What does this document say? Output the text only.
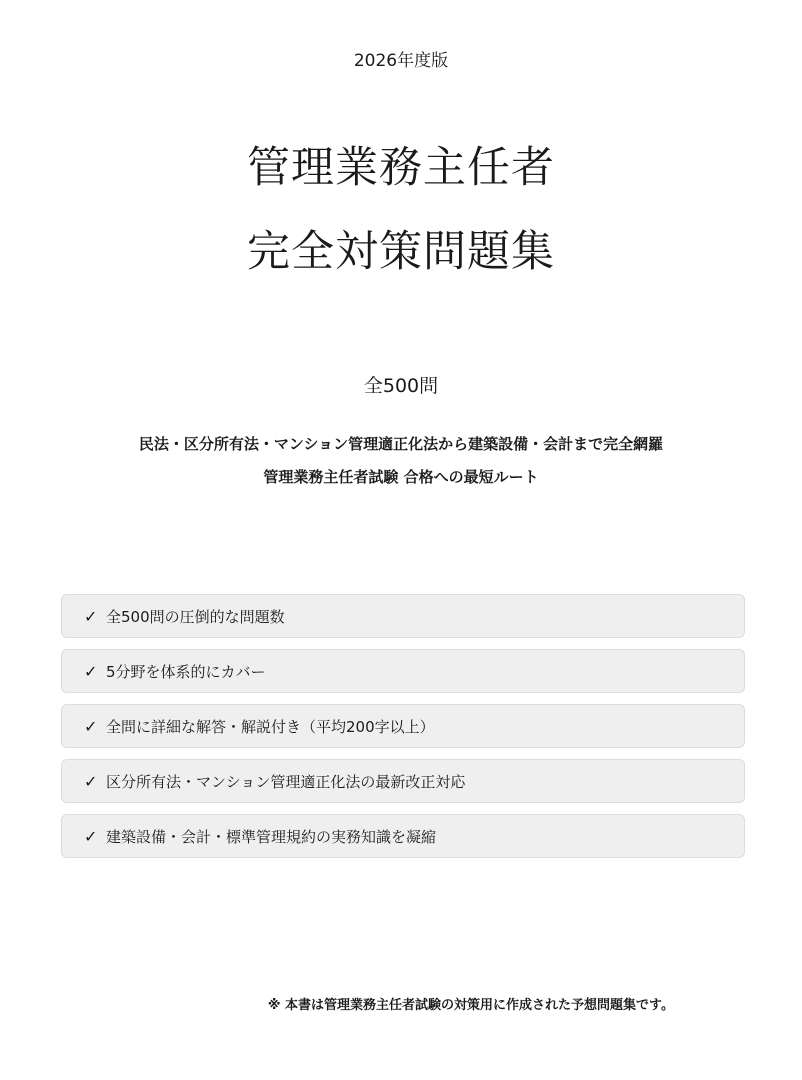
2026年度版
管理業務主任者
完全対策問題集
全500問
民法・区分所有法・マンション管理適正化法から建築設備・会計まで完全網羅
管理業務主任者試験 合格への最短ルート
✓ 全500問の圧倒的な問題数
✓ 5分野を体系的にカバー
✓ 全問に詳細な解答・解説付き（平均200字以上）
✓ 区分所有法・マンション管理適正化法の最新改正対応
✓ 建築設備・会計・標準管理規約の実務知識を凝縮
※ 本書は管理業務主任者試験の対策用に作成された予想問題集です。
